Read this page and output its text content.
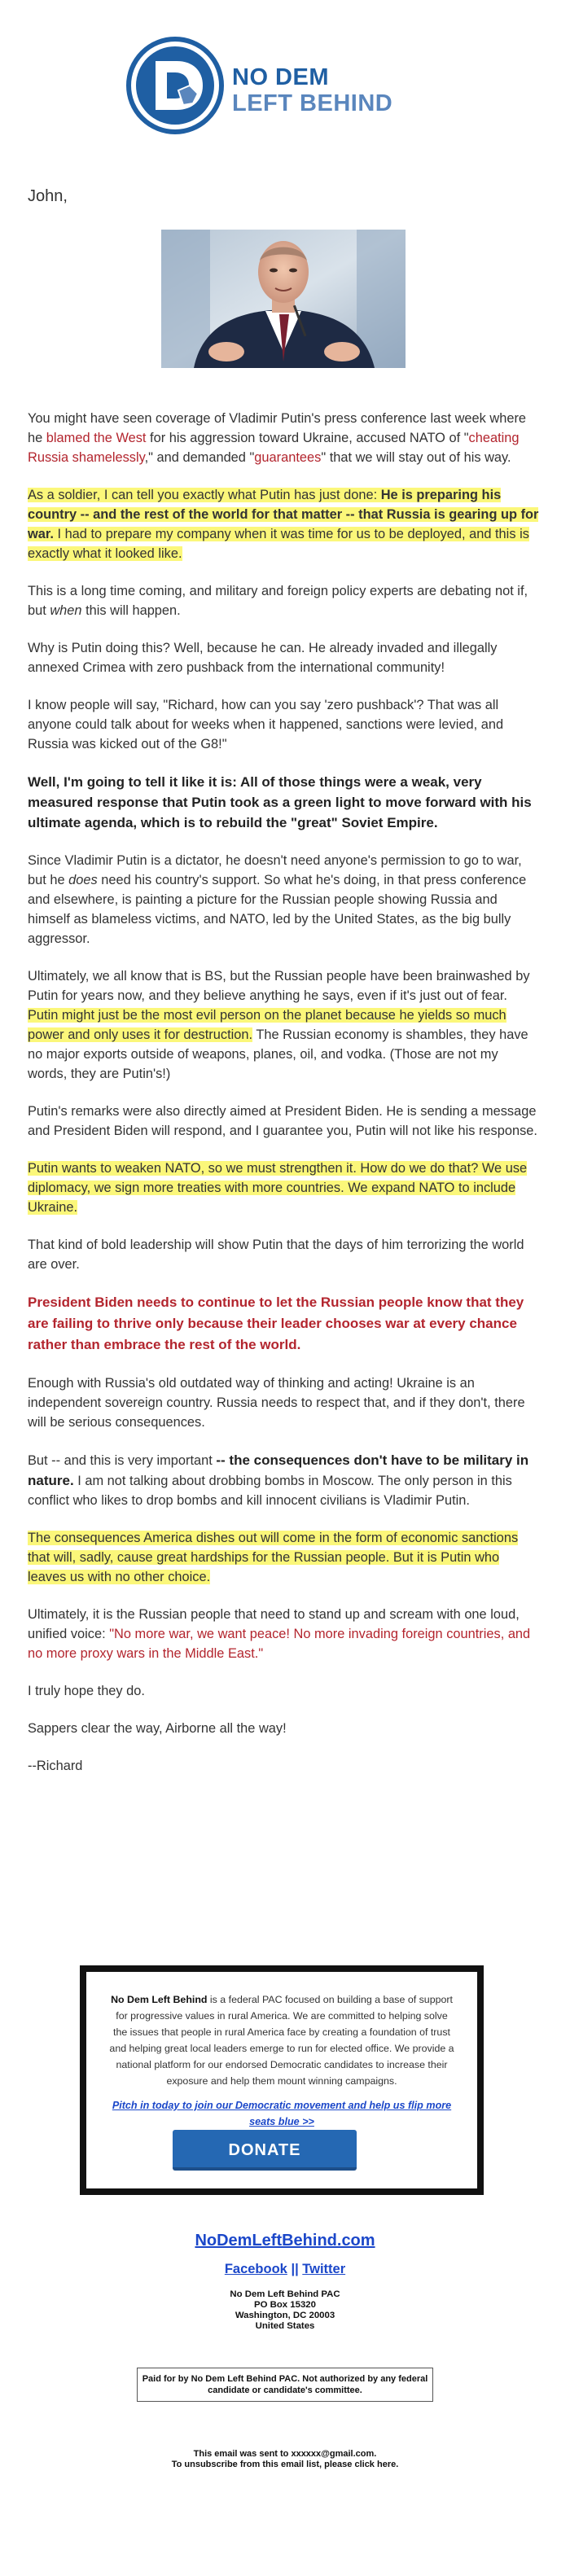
NO DEM
LEFT BEHIND
John,

You might have seen coverage of Vladimir Putin's press conference last week where he blamed the West for his aggression toward Ukraine, accused NATO of "cheating Russia shamelessly," and demanded "guarantees" that we will stay out of his way.

As a soldier, I can tell you exactly what Putin has just done: He is preparing his country -- and the rest of the world for that matter -- that Russia is gearing up for war. I had to prepare my company when it was time for us to be deployed, and this is exactly what it looked like.

This is a long time coming, and military and foreign policy experts are debating not if, but when this will happen.

Why is Putin doing this? Well, because he can. He already invaded and illegally annexed Crimea with zero pushback from the international community!

I know people will say, "Richard, how can you say 'zero pushback'? That was all anyone could talk about for weeks when it happened, sanctions were levied, and Russia was kicked out of the G8!"

Well, I'm going to tell it like it is: All of those things were a weak, very measured response that Putin took as a green light to move forward with his ultimate agenda, which is to rebuild the "great" Soviet Empire.

Since Vladimir Putin is a dictator, he doesn't need anyone's permission to go to war, but he does need his country's support. So what he's doing, in that press conference and elsewhere, is painting a picture for the Russian people showing Russia and himself as blameless victims, and NATO, led by the United States, as the big bully aggressor.

Ultimately, we all know that is BS, but the Russian people have been brainwashed by Putin for years now, and they believe anything he says, even if it's just out of fear. Putin might just be the most evil person on the planet because he yields so much power and only uses it for destruction. The Russian economy is shambles, they have no major exports outside of weapons, planes, oil, and vodka. (Those are not my words, they are Putin's!)

Putin's remarks were also directly aimed at President Biden. He is sending a message and President Biden will respond, and I guarantee you, Putin will not like his response.

Putin wants to weaken NATO, so we must strengthen it. How do we do that? We use diplomacy, we sign more treaties with more countries. We expand NATO to include Ukraine.

That kind of bold leadership will show Putin that the days of him terrorizing the world are over.

President Biden needs to continue to let the Russian people know that they are failing to thrive only because their leader chooses war at every chance rather than embrace the rest of the world.

Enough with Russia's old outdated way of thinking and acting! Ukraine is an independent sovereign country. Russia needs to respect that, and if they don't, there will be serious consequences.

But -- and this is very important -- the consequences don't have to be military in nature. I am not talking about drobbing bombs in Moscow. The only person in this conflict who likes to drop bombs and kill innocent civilians is Vladimir Putin.

The consequences America dishes out will come in the form of economic sanctions that will, sadly, cause great hardships for the Russian people. But it is Putin who leaves us with no other choice.

Ultimately, it is the Russian people that need to stand up and scream with one loud, unified voice: "No more war, we want peace! No more invading foreign countries, and no more proxy wars in the Middle East."

I truly hope they do.

Sappers clear the way, Airborne all the way!

--Richard

No Dem Left Behind is a federal PAC focused on building a base of support for progressive values in rural America. We are committed to helping solve the issues that people in rural America face by creating a foundation of trust and helping great local leaders emerge to run for elected office. We provide a national platform for our endorsed Democratic candidates to increase their exposure and help them mount winning campaigns.
Pitch in today to join our Democratic movement and help us flip more seats blue >>
DONATE
NoDemLeftBehind.com
Facebook || Twitter
No Dem Left Behind PAC
PO Box 15320
Washington, DC 20003
United States
Paid for by No Dem Left Behind PAC. Not authorized by any federal candidate or candidate's committee.
This email was sent to xxxxxx@gmail.com.
To unsubscribe from this email list, please click here.
